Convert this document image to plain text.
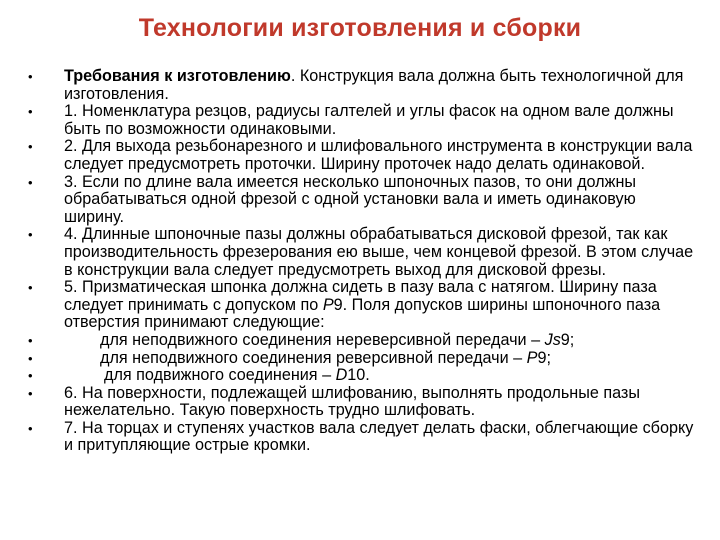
Технологии изготовления и сборки
• Требования к изготовлению. Конструкция вала должна быть технологичной для изготовления.
• 1. Номенклатура резцов, радиусы галтелей и углы фасок на одном вале должны быть по возможности одинаковыми.
• 2. Для выхода резьбонарезного и шлифовального инструмента в конструкции вала следует предусмотреть проточки. Ширину проточек надо делать одинаковой.
• 3. Если по длине вала имеется несколько шпоночных пазов, то они должны обрабатываться одной фрезой с одной установки вала и иметь одинаковую ширину.
• 4. Длинные шпоночные пазы должны обрабатываться дисковой фрезой, так как производительность фрезерования ею выше, чем концевой фрезой. В этом случае в конструкции вала следует предусмотреть выход для дисковой фрезы.
• 5. Призматическая шпонка должна сидеть в пазу вала с натягом. Ширину паза следует принимать с допуском по P9. Поля допусков ширины шпоночного паза отверстия принимают следующие:
•	для неподвижного соединения нереверсивной передачи – Js9;
•	для неподвижного соединения реверсивной передачи – P9;
•	для подвижного соединения – D10.
• 6. На поверхности, подлежащей шлифованию, выполнять продольные пазы нежелательно. Такую поверхность трудно шлифовать.
• 7. На торцах и ступенях участков вала следует делать фаски, облегчающие сборку и притупляющие острые кромки.
